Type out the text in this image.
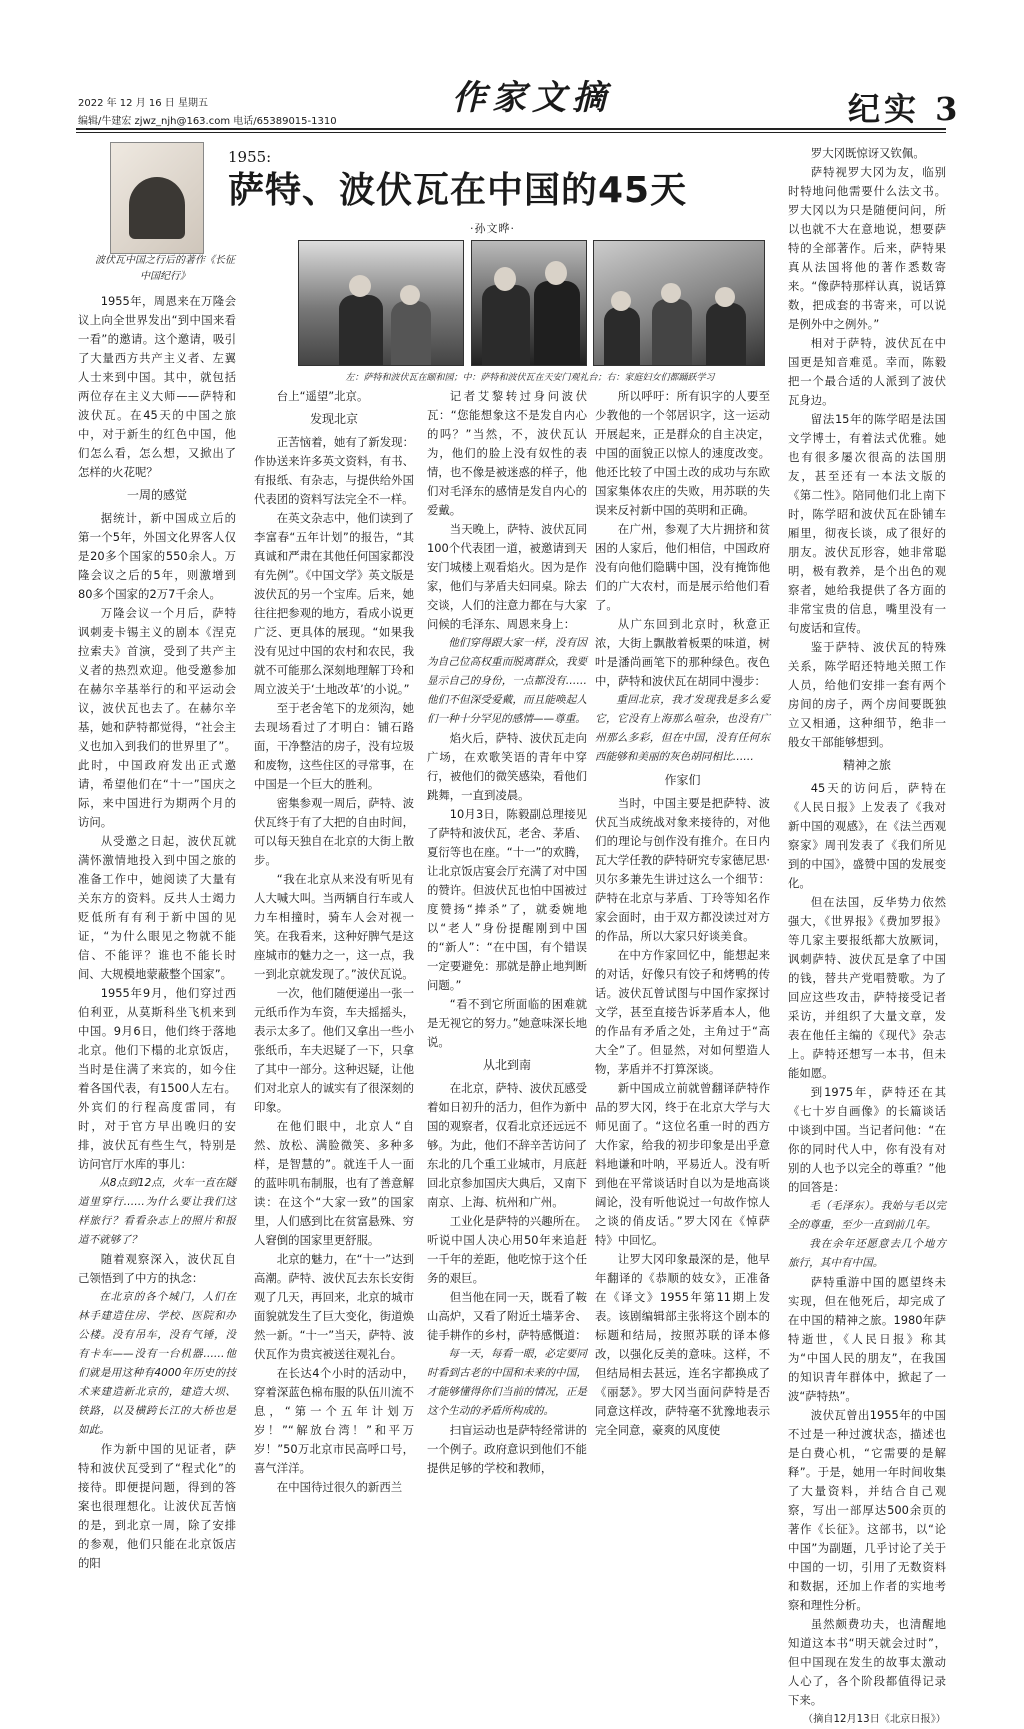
2022 年 12 月 16 日 星期五
编辑/牛建宏 zjwz_njh@163.com 电话/65389015-1310
作家文摘	纪实 3
波伏瓦中国之行后的著作《长征 中国纪行》
1955:
萨特、波伏瓦在中国的45天
·孙文晔·
左：萨特和波伏瓦在颐和园；中：萨特和波伏瓦在天安门观礼台；右：家庭妇女们都踊跃学习

1955年，周恩来在万隆会议上向全世界发出“到中国来看一看”的邀请。这个邀请，吸引了大量西方共产主义者、左翼人士来到中国。其中，就包括两位存在主义大师——萨特和波伏瓦。在45天的中国之旅中，对于新生的红色中国，他们怎么看，怎么想，又掀出了怎样的火花呢？

一周的感觉

据统计，新中国成立后的第一个5年，外国文化界客人仅是20多个国家的550余人。万隆会议之后的5年，则激增到80多个国家的2万7千余人。

万隆会议一个月后，萨特讽刺麦卡锡主义的剧本《涅克拉索夫》首演，受到了共产主义者的热烈欢迎。他受邀参加在赫尔辛基举行的和平运动会议，波伏瓦也去了。在赫尔辛基，她和萨特都觉得，“社会主义也加入到我们的世界里了”。此时，中国政府发出正式邀请，希望他们在“十一”国庆之际，来中国进行为期两个月的访问。

从受邀之日起，波伏瓦就满怀激情地投入到中国之旅的准备工作中，她阅读了大量有关东方的资料。反共人士竭力贬低所有有利于新中国的见证，“为什么眼见之物就不能信、不能评？谁也不能长时间、大规模地蒙蔽整个国家”。

1955年9月，他们穿过西伯利亚，从莫斯科坐飞机来到中国。9月6日，他们终于落地北京。他们下榻的北京饭店，当时是住满了来宾的，如今住着各国代表，有1500人左右。外宾们的行程高度雷同，有时，对于官方早出晚归的安排，波伏瓦有些生气，特别是访问官厅水库的事儿：

从8点到12点，火车一直在隧道里穿行……为什么要让我们这样旅行？看看杂志上的照片和报道不就够了？

随着观察深入，波伏瓦自己领悟到了中方的执念：

在北京的各个城门，人们在林手建造住房、学校、医院和办公楼。没有吊车，没有气锤，没有卡车——没有一台机器……他们就是用这种有4000年历史的技术来建造新北京的，建造大坝、铁路，以及横跨长江的大桥也是如此。

作为新中国的见证者，萨特和波伏瓦受到了“程式化”的接待。即便提问题，得到的答案也很理想化。让波伏瓦苦恼的是，到北京一周，除了安排的参观，他们只能在北京饭店的阳

台上“遥望”北京。

发现北京

正苦恼着，她有了新发现：作协送来许多英文资料，有书、有报纸、有杂志，与提供给外国代表团的资料写法完全不一样。

在英文杂志中，他们读到了李富春“五年计划”的报告，“其真诚和严肃在其他任何国家都没有先例”。《中国文学》英文版是波伏瓦的另一个宝库。后来，她往往把参观的地方，看成小说更广泛、更具体的展现。“如果我没有见过中国的农村和农民，我就不可能那么深刻地理解丁玲和周立波关于‘土地改革’的小说。”

至于老舍笔下的龙须沟，她去现场看过了才明白：铺石路面，干净整洁的房子，没有垃圾和废物，这些住区的寻常事，在中国是一个巨大的胜利。

密集参观一周后，萨特、波伏瓦终于有了大把的自由时间，可以每天独自在北京的大街上散步。

“我在北京从来没有听见有人大喊大叫。当两辆自行车或人力车相撞时，骑车人会对视一笑。在我看来，这种好脾气是这座城市的魅力之一，这一点，我一到北京就发现了。”波伏瓦说。

一次，他们随便递出一张一元纸币作为车资，车夫摇摇头，表示太多了。他们又拿出一些小张纸币，车夫迟疑了一下，只拿了其中一部分。这种迟疑，让他们对北京人的诚实有了很深刻的印象。

在他们眼中，北京人“自然、放松、满脸微笑、多种多样，是智慧的”。就连千人一面的蓝咔叽布制服，也有了善意解读：在这个“大家一致”的国家里，人们感到比在贫富悬殊、穷人窘倒的国家里更舒服。

北京的魅力，在“十一”达到高潮。萨特、波伏瓦去东长安街观了几天，再回来，北京的城市面貌就发生了巨大变化，街道焕然一新。“十一”当天，萨特、波伏瓦作为贵宾被送往观礼台。

在长达4个小时的活动中，穿着深蓝色棉布服的队伍川流不息，“第一个五年计划万岁！”“解放台湾！”和平万岁！”50万北京市民高呼口号，喜气洋洋。

在中国待过很久的新西兰

记者艾黎转过身问波伏瓦：“您能想象这不是发自内心的吗？”当然，不，波伏瓦认为，他们的脸上没有奴性的表情，也不像是被迷惑的样子，他们对毛泽东的感情是发自内心的爱戴。

当天晚上，萨特、波伏瓦同100个代表团一道，被邀请到天安门城楼上观看焰火。因为是作家，他们与茅盾夫妇同桌。除去交谈，人们的注意力都在与大家问候的毛泽东、周恩来身上：

他们穿得跟大家一样，没有因为自己位高权重而脱离群众，我要显示自己的身份，一点都没有……他们不但深受爱戴，而且能唤起人们一种十分罕见的感情——尊重。

焰火后，萨特、波伏瓦走向广场，在欢歌笑语的青年中穿行，被他们的微笑感染，看他们跳舞，一直到凌晨。

10月3日，陈毅副总理接见了萨特和波伏瓦，老舍、茅盾、夏衍等也在座。“十一”的欢腾，让北京饭店宴会厅充满了对中国的赞许。但波伏瓦也怕中国被过度赞扬“捧杀”了，就委婉地以“老人”身份提醒刚到中国的“新人”：“在中国，有个错误一定要避免：那就是静止地判断问题。”

“看不到它所面临的困难就是无视它的努力。”她意味深长地说。

从北到南

在北京，萨特、波伏瓦感受着如日初升的活力，但作为新中国的观察者，仅看北京还远远不够。为此，他们不辞辛苦访问了东北的几个重工业城市，月底赶回北京参加国庆大典后，又南下南京、上海、杭州和广州。

工业化是萨特的兴趣所在。听说中国人决心用50年来追赶一千年的差距，他吃惊于这个任务的艰巨。

但当他在同一天，既看了鞍山高炉，又看了附近土墙茅舍、徒手耕作的乡村，萨特感慨道：

每一天，每看一眼，必定要同时看到古老的中国和未来的中国，才能够懂得你们当前的情况，正是这个生动的矛盾所构成的。

扫盲运动也是萨特经常讲的一个例子。政府意识到他们不能提供足够的学校和教师，

所以呼吁：所有识字的人要至少教他的一个邻居识字，这一运动开展起来，正是群众的自主决定，中国的面貌正以惊人的速度改变。他还比较了中国土改的成功与东欧国家集体农庄的失败，用苏联的失误来反衬新中国的英明和正确。

在广州，参观了大片拥挤和贫困的人家后，他们相信，中国政府没有向他们隐瞒中国，没有掩饰他们的广大农村，而是展示给他们看了。

从广东回到北京时，秋意正浓，大街上飘散着板栗的味道，树叶是潘尚画笔下的那种绿色。夜色中，萨特和波伏瓦在胡同中漫步：

重回北京，我才发现我是多么爱它，它没有上海那么喧杂，也没有广州那么多彩，但在中国，没有任何东西能够和美丽的灰色胡同相比……

作家们

当时，中国主要是把萨特、波伏瓦当成统战对象来接待的，对他们的理论与创作没有推介。在日内瓦大学任教的萨特研究专家德尼思·贝尔多兼先生讲过这么一个细节：萨特在北京与茅盾、丁玲等知名作家会面时，由于双方都没读过对方的作品，所以大家只好谈美食。

在中方作家回忆中，能想起来的对话，好像只有饺子和烤鸭的传话。波伏瓦曾试图与中国作家探讨文学，甚至直接告诉茅盾本人，他的作品有矛盾之处，主角过于“高大全”了。但显然，对如何塑造人物，茅盾并不打算深谈。

新中国成立前就曾翻译萨特作品的罗大冈，终于在北京大学与大师见面了。“这位名重一时的西方大作家，给我的初步印象是出乎意料地谦和叶呐，平易近人。没有听到他在平常谈话时自以为是地高谈阔论，没有听他说过一句故作惊人之谈的俏皮话。”罗大冈在《悼萨特》中回忆。

让罗大冈印象最深的是，他早年翻译的《恭顺的妓女》，正准备在《译文》1955年第11期上发表。该剧编辑部主张将这个剧本的标题和结局，按照苏联的译本修改，以强化反美的意味。这样，不但结局相去甚远，连名字都换成了《丽瑟》。罗大冈当面问萨特是否同意这样改，萨特毫不犹豫地表示完全同意，豪爽的风度使

罗大冈既惊讶又钦佩。

萨特视罗大冈为友，临别时特地问他需要什么法文书。罗大冈以为只是随便问问，所以也就不大在意地说，想要萨特的全部著作。后来，萨特果真从法国将他的著作悉数寄来。“像萨特那样认真，说话算数，把成套的书寄来，可以说是例外中之例外。”

相对于萨特，波伏瓦在中国更是知音难觅。幸而，陈毅把一个最合适的人派到了波伏瓦身边。

留法15年的陈学昭是法国文学博士，有着法式优雅。她也有很多屡次很高的法国朋友，甚至还有一本法文版的《第二性》。陪同他们北上南下时，陈学昭和波伏瓦在卧铺车厢里，彻夜长谈，成了很好的朋友。波伏瓦形容，她非常聪明，极有教养，是个出色的观察者，她给我提供了各方面的非常宝贵的信息，嘴里没有一句废话和宣传。

鉴于萨特、波伏瓦的特殊关系，陈学昭还特地关照工作人员，给他们安排一套有两个房间的房子，两个房间要既独立又相通，这种细节，绝非一般女干部能够想到。

精神之旅

45天的访问后，萨特在《人民日报》上发表了《我对新中国的观感》，在《法兰西观察家》周刊发表了《我们所见到的中国》，盛赞中国的发展变化。

但在法国，反华势力依然强大，《世界报》《费加罗报》等几家主要报纸都大放厥词，讽刺萨特、波伏瓦是拿了中国的钱，替共产党唱赞歌。为了回应这些攻击，萨特接受记者采访，并组织了大量文章，发表在他任主编的《现代》杂志上。萨特还想写一本书，但未能如愿。

到1975年，萨特还在其《七十岁自画像》的长篇谈话中谈到中国。当记者问他：“在你的同时代人中，你有没有对别的人也予以完全的尊重？”他的回答是：

毛（毛泽东）。我始与毛以完全的尊重，至少一直到前几年。

我在余年还愿意去几个地方旅行，其中有中国。

萨特重游中国的愿望终未实现，但在他死后，却完成了在中国的精神之旅。1980年萨特逝世，《人民日报》称其为“中国人民的朋友”，在我国的知识青年群体中，掀起了一波“萨特热”。

波伏瓦曾出1955年的中国不过是一种过渡状态，描述也是白费心机，“它需要的是解释”。于是，她用一年时间收集了大量资料，并结合自己观察，写出一部厚达500余页的著作《长征》。这部书，以“论中国”为副题，几乎讨论了关于中国的一切，引用了无数资料和数据，还加上作者的实地考察和理性分析。

虽然颇费功夫，也清醒地知道这本书“明天就会过时”，但中国现在发生的故事太激动人心了，各个阶段都值得记录下来。

（摘自12月13日《北京日报》）
